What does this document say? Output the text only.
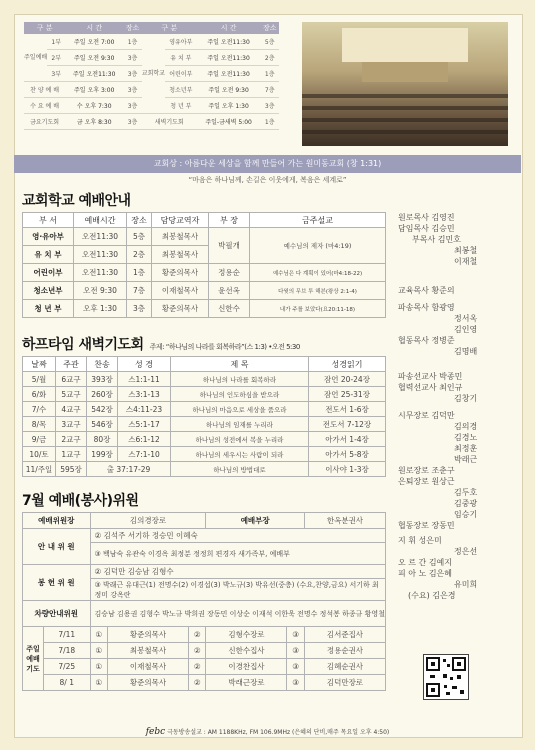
구 분		시 간	장소	구 분		시 간	장소
주일예배	1부	주일 오전 7:00	1층	교회학교	영유아부	주일 오전11:30	5층
	2부	주일 오전 9:30	3층		유 치 부	주일 오전11:30	2층
	3부	주일 오전11:30	3층		어린이부	주일 오전11:30	1층
찬 양 예 배		주일 오후 3:00	3층		청소년부	주일 오전 9:30	7층
수 요 예 배		수 오후 7:30	3층		청 년 부	주일 오후 1:30	3층
금요기도회		금 오후 8:30	3층	새벽기도회		주일-금새벽 5:00	1층
교회상 : 아름다운 세상을 함께 만들어 가는 원미동교회 (창 1:31)
“마음은 하나님께, 손길은 이웃에게, 복음은 세계로”
교회학교 예배안내
부 서	예배시간	장소	담당교역자	부 장	금주설교
영·유아부	오전11:30	5층	최봉철목사	박필개	예수님의 제자 (마4:19)
유 치 부	오전11:30	2층	최봉철목사		
어린이부	오전11:30	1층	황준의목사	정용순	예수님은 다 계획이 있어(마4:18-22)
청소년부	오전 9:30	7층	이재철목사	윤선옥	다윗의 무브 투 해븐(왕상 2:1-4)
청 년 부	오후 1:30	3층	황준의목사	신한수	내가 주를 보았다(요20:11-18)
하프타임 새벽기도회 주제: “하나님의 나라를 회복하라”(스 1:3) •오전 5:30
날짜	주관	찬송	성 경	제 목	성경읽기
5/월	6교구	393장	스1:1-11	하나님의 나라를 회복하라	잠언 20-24장
6/화	5교구	260장	스3:1-13	하나님의 인도하심을 받으라	잠언 25-31장
7/수	4교구	542장	스4:11-23	하나님의 마음으로 세상을 품으라	전도서 1-6장
8/목	3교구	546장	스5:1-17	하나님의 임재를 누리라	전도서 7-12장
9/금	2교구	80장	스6:1-12	하나님의 성전에서 복을 누리라	아가서 1-4장
10/토	1교구	199장	스7:1-10	하나님의 세우시는 사람이 되라	아가서 5-8장
11/주일	595장	출 37:17-29		하나님의 방법대로	이사야 1-3장
7월 예배(봉사)위원
예배위원장		김의경장로			예배부장		한옥분권사
안 내 위 원		② 김석주 서기하 정승민 이혜숙					
		③ 백남숙 유관숙 이경옥 최정분 정정희 편경자 새가족부, 예배부					
봉 헌 위 원		② 김덕만 김승남 김형수					
		③ 박래근 유대근(1) 전명수(2) 이경섭(3) 박노규(3) 박유선(중층) (수요,찬양,금요) 서기하 최정미 강옥란					
차량안내위원		김승남 김용권 김형수 박노규 박희권 장동민 이상순 이재석 이한욱 전명수 정석봉 하종규 황영철					
주일 예배 기도	7/11	①	황준의목사	②	김형수장로	③	김서준집사
	7/18	①	최봉철목사	②	신한수집사	③	정용순권사
	7/25	①	이재철목사	②	이경찬집사	③	김혜순권사
	8/ 1	①	황준의목사	②	박래근장로	③	김덕만장로
원로목사 김영진
담임목사 김승민
부목사 김민호
최봉철
이재철
교육목사 황준의
파송목사 함광영
정서옥
김인영
협동목사 정병준
김명배
파송선교사 박종민
협력선교사 최인규
김창기
시무장로 김덕만
김의경
김경노
최정훈
박래근
원로장로 조춘구
은퇴장로 원상근
김두호
김중광
임승기
협동장로 장동민
지 휘 성은미
정은선
오 르 간 김예지
피 아 노 김은혜
유미희
(수요) 김은경
febc 극동방송설교 : AM 1188KHz, FM 106.9MHz (은혜의 단비,매주 목요일 오후 4:50)
